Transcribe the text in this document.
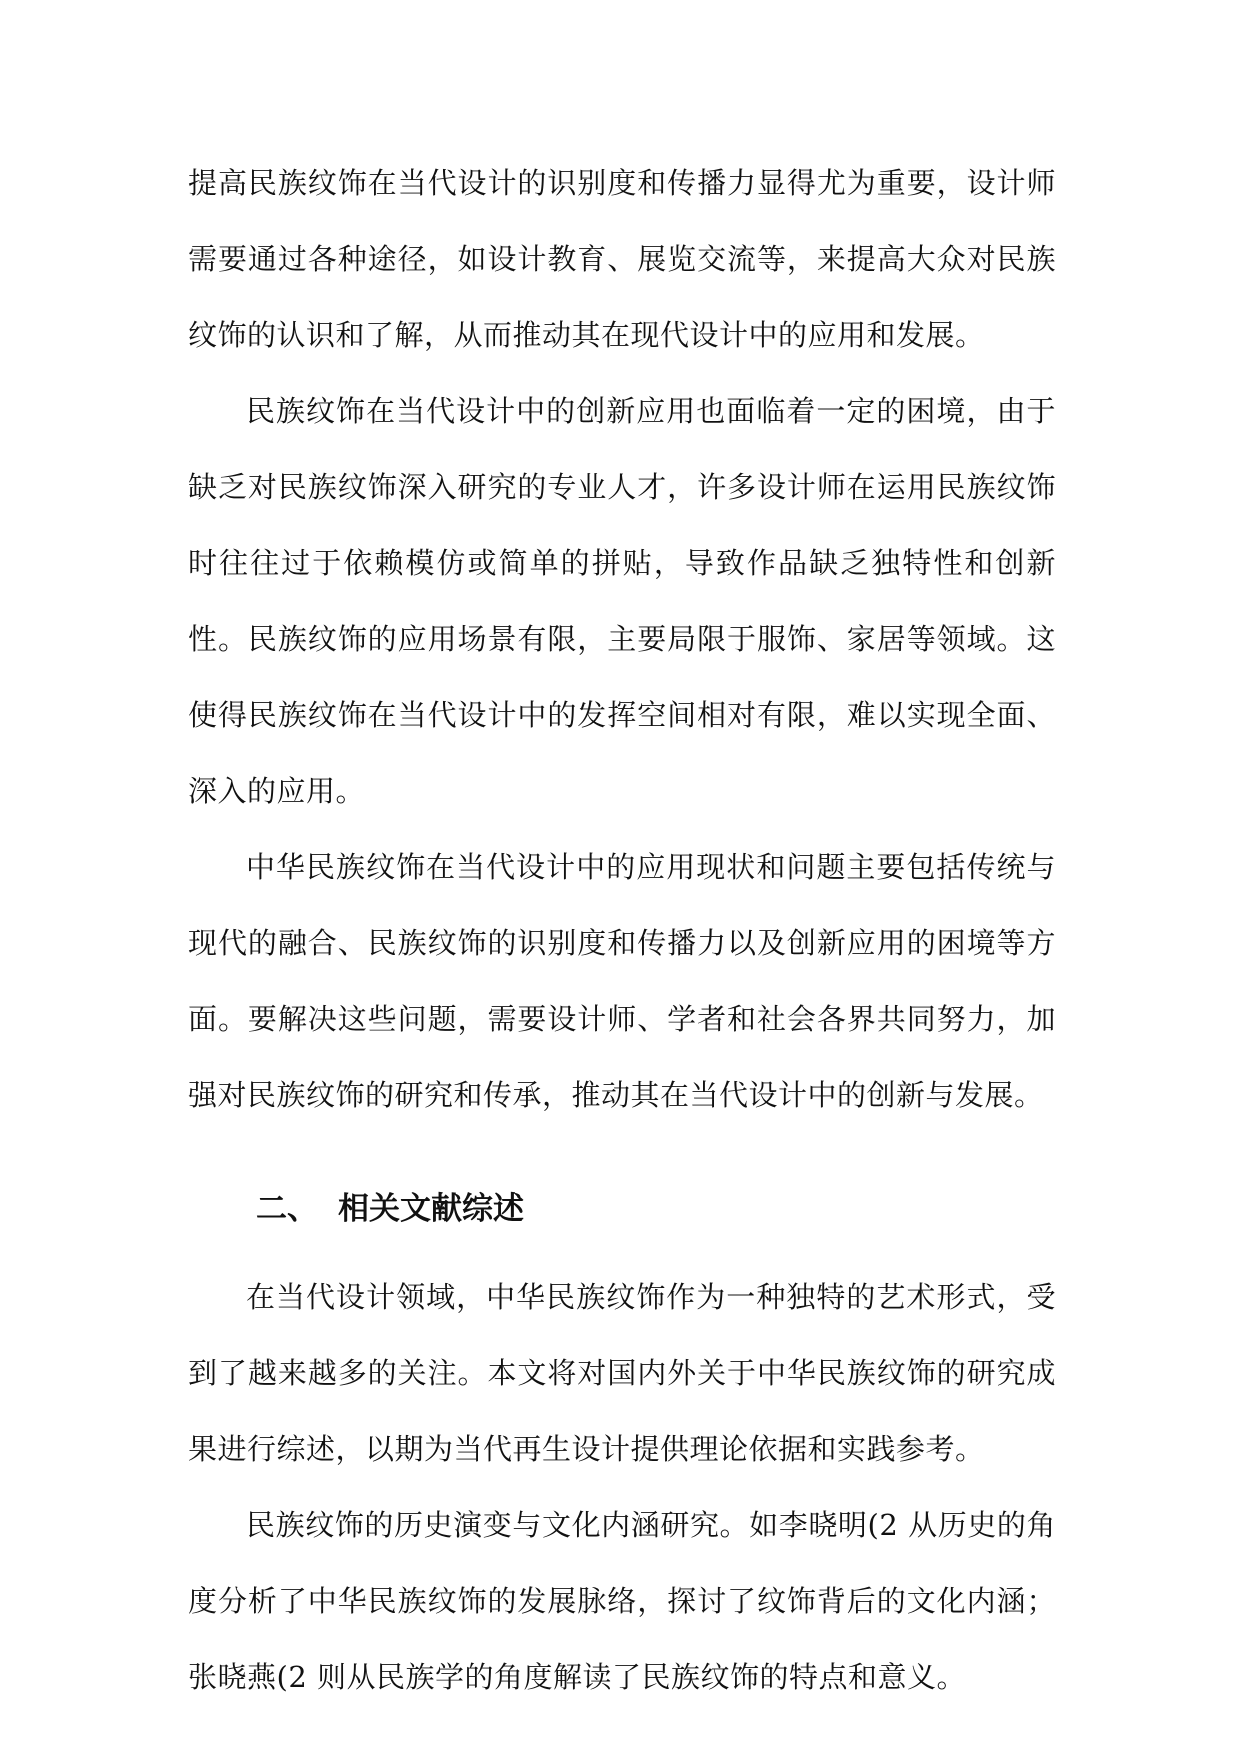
提高民族纹饰在当代设计的识别度和传播力显得尤为重要，设计师需要通过各种途径，如设计教育、展览交流等，来提高大众对民族纹饰的认识和了解，从而推动其在现代设计中的应用和发展。

民族纹饰在当代设计中的创新应用也面临着一定的困境，由于缺乏对民族纹饰深入研究的专业人才，许多设计师在运用民族纹饰时往往过于依赖模仿或简单的拼贴，导致作品缺乏独特性和创新性。民族纹饰的应用场景有限，主要局限于服饰、家居等领域。这使得民族纹饰在当代设计中的发挥空间相对有限，难以实现全面、深入的应用。

中华民族纹饰在当代设计中的应用现状和问题主要包括传统与现代的融合、民族纹饰的识别度和传播力以及创新应用的困境等方面。要解决这些问题，需要设计师、学者和社会各界共同努力，加强对民族纹饰的研究和传承，推动其在当代设计中的创新与发展。

二、 相关文献综述

在当代设计领域，中华民族纹饰作为一种独特的艺术形式，受到了越来越多的关注。本文将对国内外关于中华民族纹饰的研究成果进行综述，以期为当代再生设计提供理论依据和实践参考。

民族纹饰的历史演变与文化内涵研究。如李晓明(2 从历史的角度分析了中华民族纹饰的发展脉络，探讨了纹饰背后的文化内涵；张晓燕(2 则从民族学的角度解读了民族纹饰的特点和意义。
